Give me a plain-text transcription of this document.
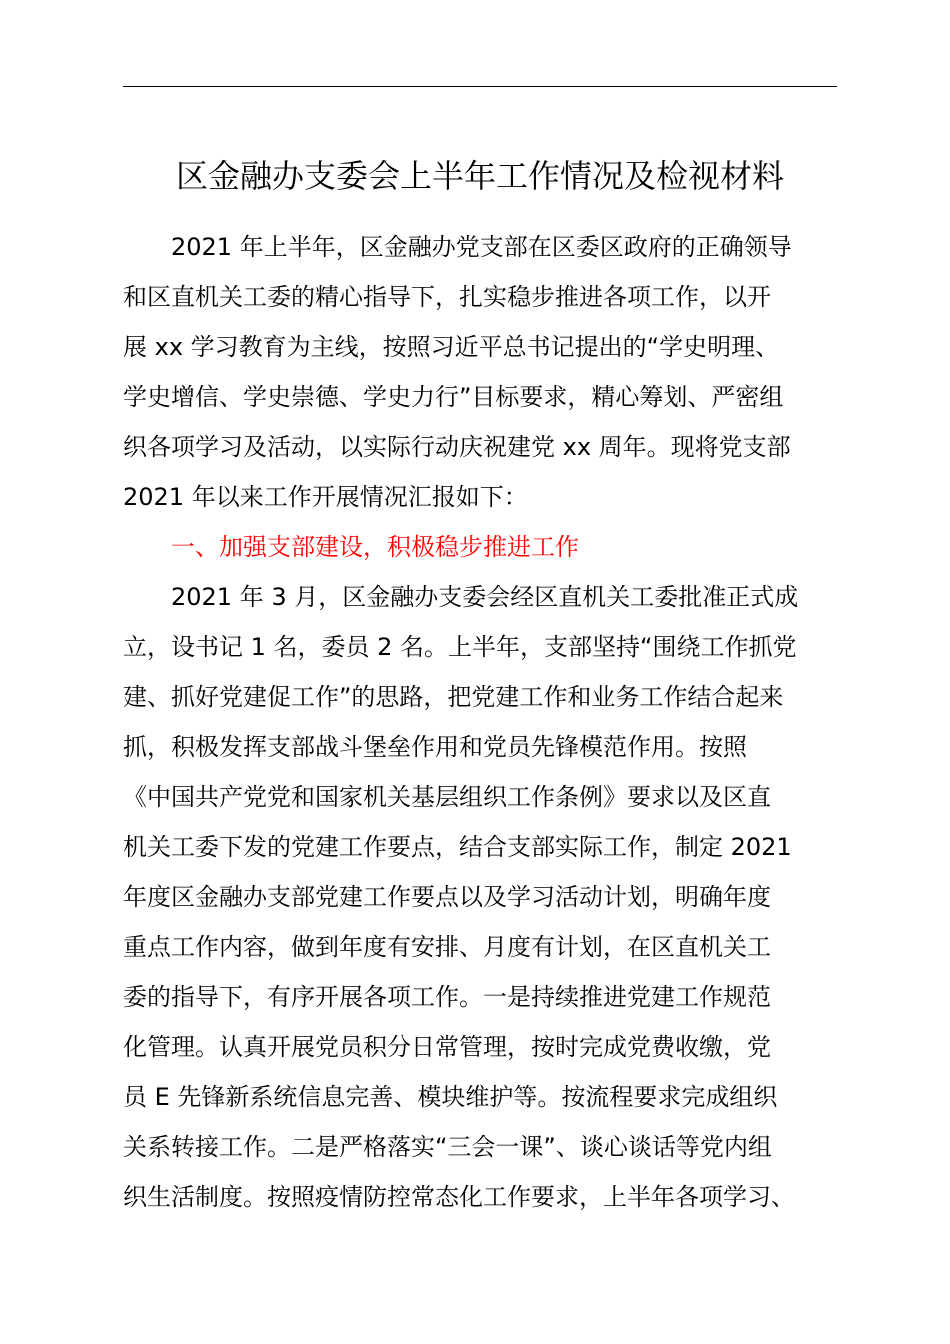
区金融办支委会上半年工作情况及检视材料
2021 年上半年，区金融办党支部在区委区政府的正确领导
和区直机关工委的精心指导下，扎实稳步推进各项工作，以开
展 xx 学习教育为主线，按照习近平总书记提出的“学史明理、
学史增信、学史崇德、学史力行”目标要求，精心筹划、严密组
织各项学习及活动，以实际行动庆祝建党 xx 周年。现将党支部
2021 年以来工作开展情况汇报如下：
一、加强支部建设，积极稳步推进工作
2021 年 3 月，区金融办支委会经区直机关工委批准正式成
立，设书记 1 名，委员 2 名。上半年，支部坚持“围绕工作抓党
建、抓好党建促工作”的思路，把党建工作和业务工作结合起来
抓，积极发挥支部战斗堡垒作用和党员先锋模范作用。按照
《中国共产党党和国家机关基层组织工作条例》要求以及区直
机关工委下发的党建工作要点，结合支部实际工作，制定 2021
年度区金融办支部党建工作要点以及学习活动计划，明确年度
重点工作内容，做到年度有安排、月度有计划，在区直机关工
委的指导下，有序开展各项工作。一是持续推进党建工作规范
化管理。认真开展党员积分日常管理，按时完成党费收缴，党
员 E 先锋新系统信息完善、模块维护等。按流程要求完成组织
关系转接工作。二是严格落实“三会一课”、谈心谈话等党内组
织生活制度。按照疫情防控常态化工作要求，上半年各项学习、
